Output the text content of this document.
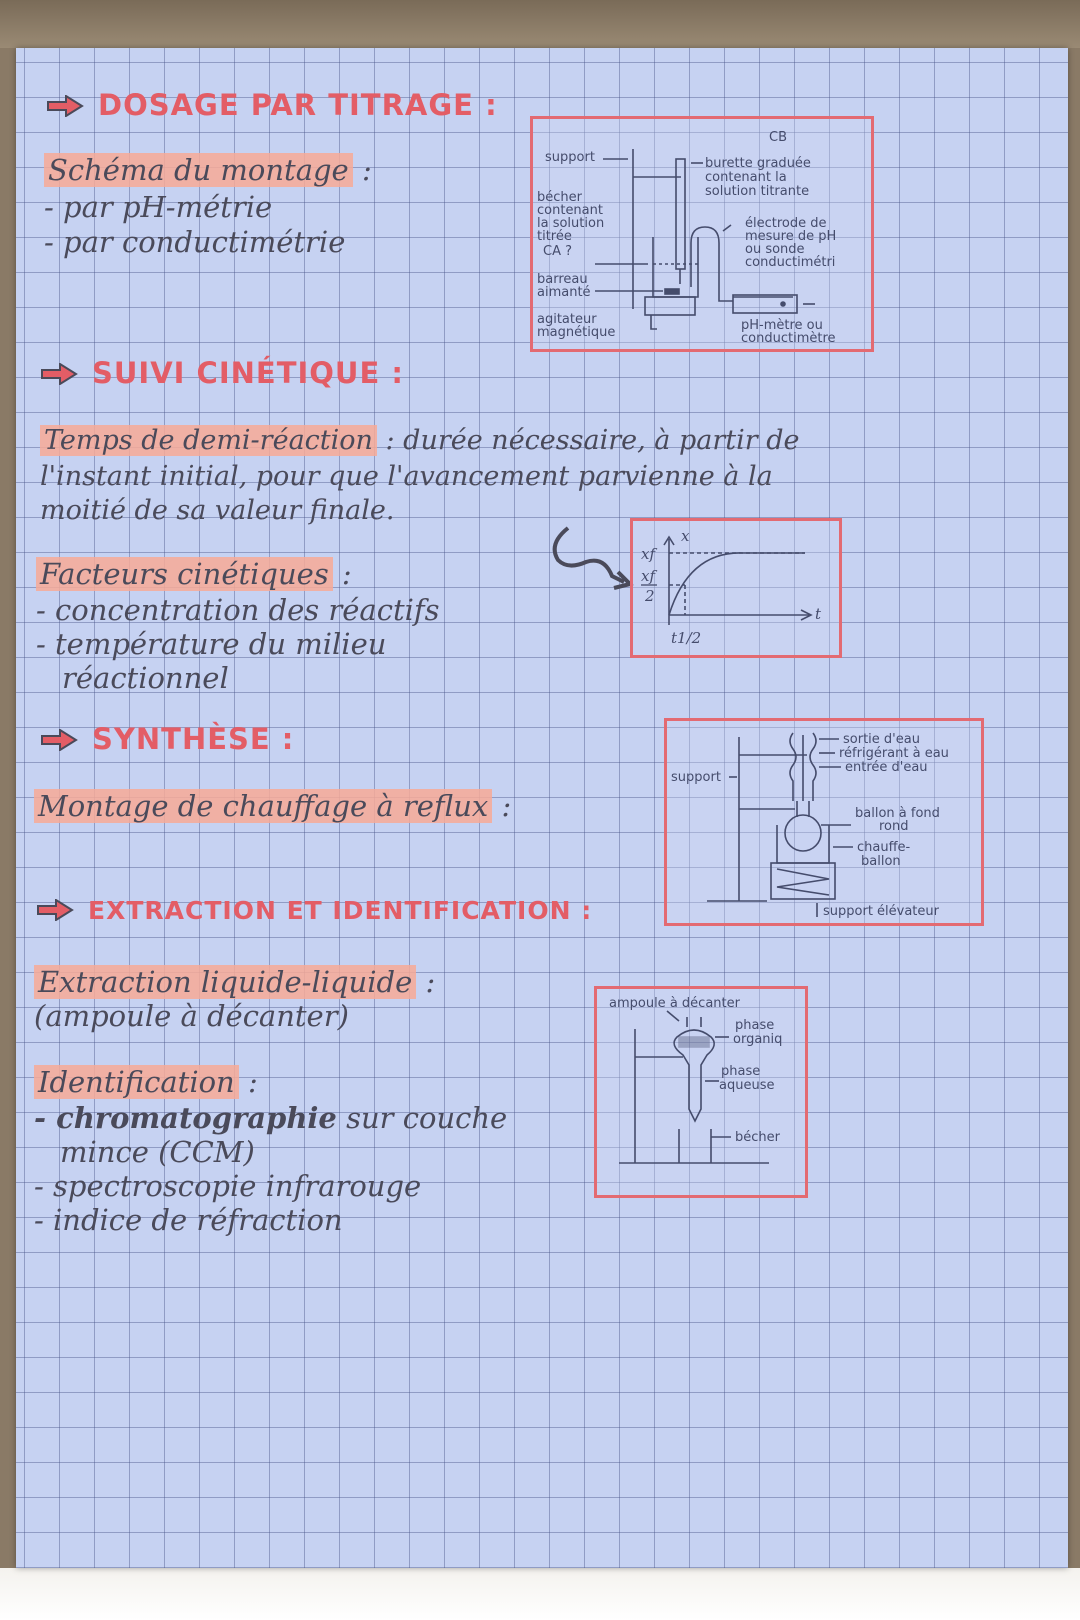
DOSAGE PAR TITRAGE :
Schéma du montage :
- par pH-métrie
- par conductimétrie
CB
support	burette graduée
contenant la
solution titrante
bécher
contenant
la solution
titrée
CA ?
électrode de
mesure de pH
ou sonde
conductimétri
barreau
aimanté
agitateur
magnétique	pH-mètre ou
conductimètre
SUIVI CINÉTIQUE :
Temps de demi-réaction : durée nécessaire, à partir de
l'instant initial, pour que l'avancement parvienne à la
moitié de sa valeur finale.
Facteurs cinétiques :
- concentration des réactifs
- température du milieu
réactionnel
x
t
xf
xf
2
t1/2
SYNTHÈSE :
Montage de chauffage à reflux :
support
sortie d'eau
réfrigérant à eau
entrée d'eau
ballon à fond
rond
chauffe-
ballon
support élévateur
EXTRACTION ET IDENTIFICATION :
Extraction liquide-liquide :
(ampoule à décanter)
Identification :
- chromatographie sur couche
mince (CCM)
- spectroscopie infrarouge
- indice de réfraction
ampoule à décanter
phase
organiq
phase
aqueuse
bécher
